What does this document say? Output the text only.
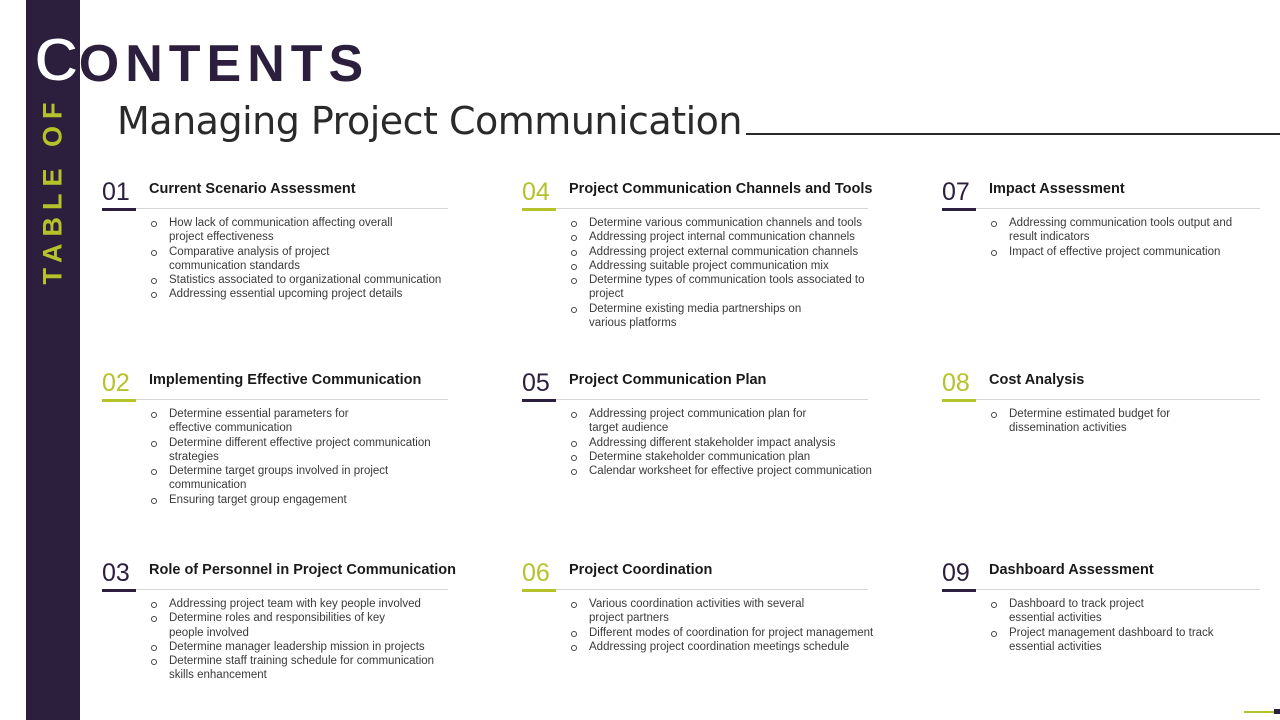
TABLE OF
CONTENTS
Managing Project Communication
01 Current Scenario Assessment
How lack of communication affecting overall project effectiveness
Comparative analysis of project communication standards
Statistics associated to organizational communication
Addressing essential upcoming project details
02 Implementing Effective Communication
Determine essential parameters for effective communication
Determine different effective project communication strategies
Determine target groups involved in project communication
Ensuring target group engagement
03 Role of Personnel in Project Communication
Addressing project team with key people involved
Determine roles and responsibilities of key people involved
Determine manager leadership mission in projects
Determine staff training schedule for communication skills enhancement
04 Project Communication Channels and Tools
Determine various communication channels and tools
Addressing project internal communication channels
Addressing project external communication channels
Addressing suitable project communication mix
Determine types of communication tools associated to project
Determine existing media partnerships on various platforms
05 Project Communication Plan
Addressing project communication plan for target audience
Addressing different stakeholder impact analysis
Determine stakeholder communication plan
Calendar worksheet for effective project communication
06 Project Coordination
Various coordination activities with several project partners
Different modes of coordination for project management
Addressing project coordination meetings schedule
07 Impact Assessment
Addressing communication tools output and result indicators
Impact of effective project communication
08 Cost Analysis
Determine estimated budget for dissemination activities
09 Dashboard Assessment
Dashboard to track project essential activities
Project management dashboard to track essential activities
